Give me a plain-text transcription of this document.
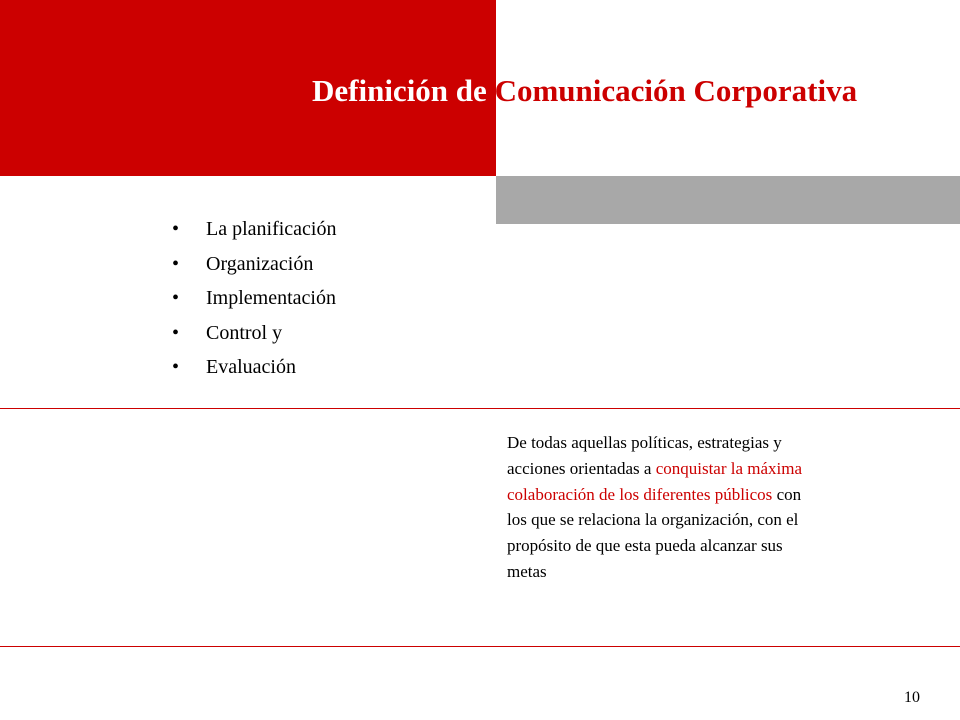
Definición de Comunicación Corporativa
• La planificación
• Organización
• Implementación
• Control y
• Evaluación

De todas aquellas políticas, estrategias y acciones orientadas a conquistar la máxima colaboración de los diferentes públicos con los que se relaciona la organización, con el propósito de que esta pueda alcanzar sus metas

10
